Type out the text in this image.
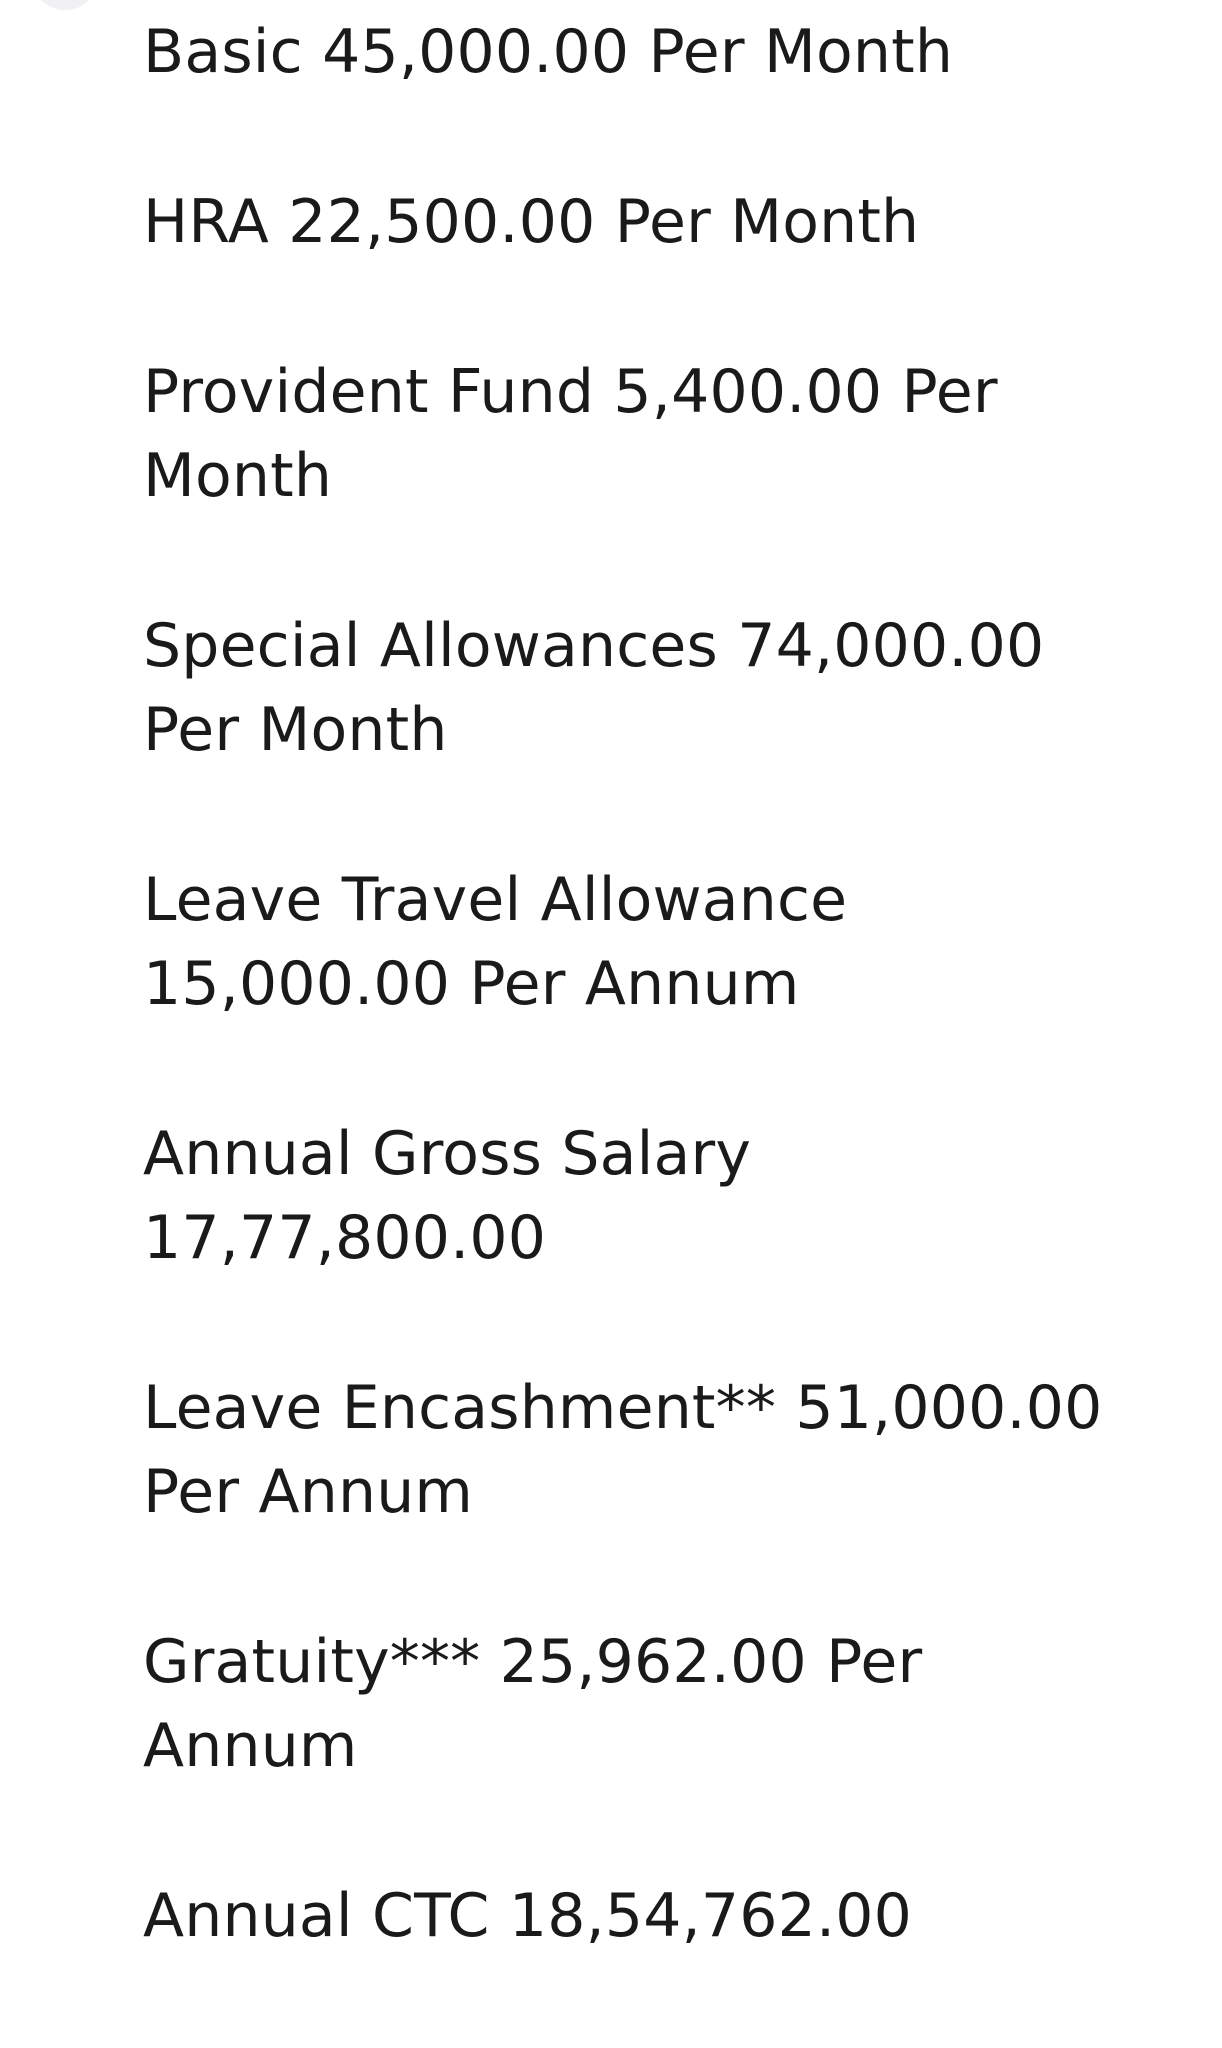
Basic 45,000.00 Per Month

HRA 22,500.00 Per Month

Provident Fund 5,400.00 Per Month

Special Allowances 74,000.00 Per Month

Leave Travel Allowance 15,000.00 Per Annum

Annual Gross Salary 17,77,800.00

Leave Encashment** 51,000.00 Per Annum

Gratuity*** 25,962.00 Per Annum

Annual CTC 18,54,762.00
